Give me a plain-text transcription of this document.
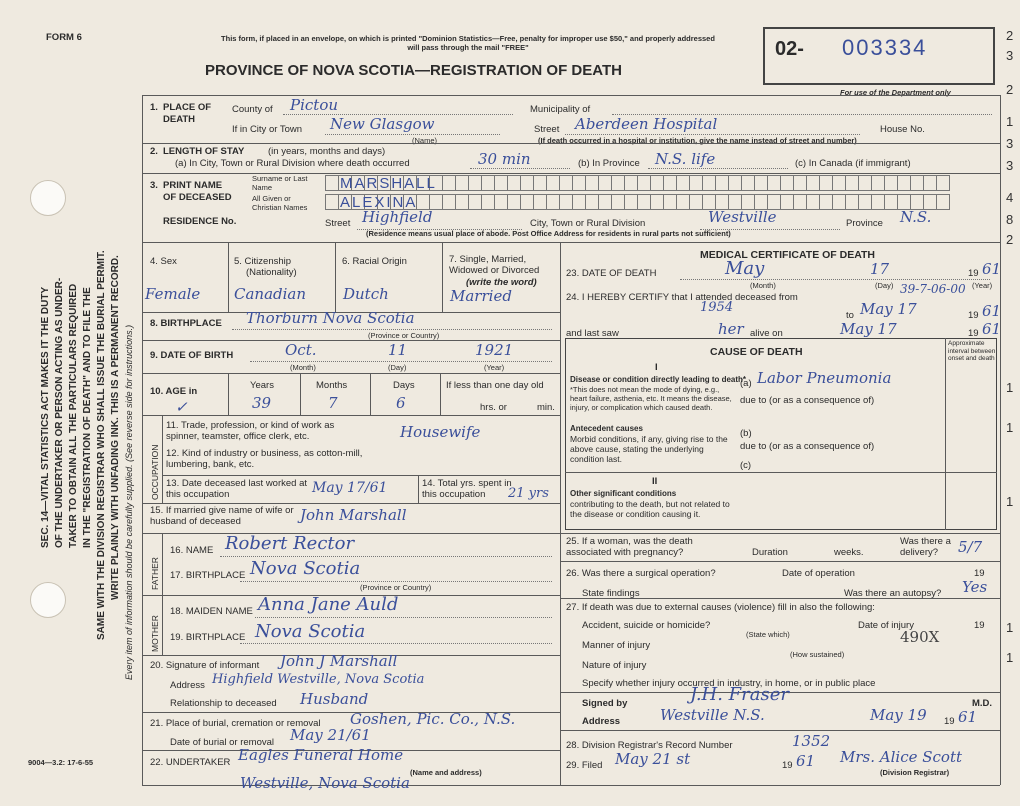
FORM 6	This form, if placed in an envelope, on which is printed "Dominion Statistics—Free, penalty for improper use $50," and properly addressed will pass through the mail "FREE"
PROVINCE OF NOVA SCOTIA—REGISTRATION OF DEATH
02- 003334
For use of the Department only
SEC. 14—VITAL STATISTICS ACT MAKES IT THE DUTY OF THE UNDERTAKER OR PERSON ACTING AS UNDER- TAKER TO OBTAIN ALL THE PARTICULARS REQUIRED IN THE "REGISTRATION OF DEATH" AND TO FILE THE SAME WITH THE DIVISION REGISTRAR WHO SHALL ISSUE THE BURIAL PERMIT. WRITE PLAINLY WITH UNFADING INK. THIS IS A PERMANENT RECORD. Every item of information should be carefully supplied. (See reverse side for instructions.)
1. PLACE OF DEATH
County of Pictou	Municipality of
If in City or Town New Glasgow
(Name)
Street Aberdeen Hospital	House No.
(If death occurred in a hospital or institution, give the name instead of street and number)
2. LENGTH OF STAY (in years, months and days)
(a) In City, Town or Rural Division where death occurred	30 min	(b) In Province N.S. life	(c) In Canada (if immigrant)
3. PRINT NAME
OF DECEASED
Surname or Last Name	MARSHALL
All Given or Christian Names	ALEXINA
RESIDENCE No.	Street Highfield	City, Town or Rural Division	Westville	Province N.S.
(Residence means usual place of abode. Post Office Address for residents in rural parts not sufficient)
4. Sex
Female
5. Citizenship
(Nationality)
Canadian
6. Racial Origin
Dutch
7. Single, Married, Widowed or Divorced
(write the word)
Married
8. BIRTHPLACE Thorburn Nova Scotia
(Province or Country)
9. DATE OF BIRTH	Oct.	11	1921
(Month)	(Day)	(Year)
10. AGE in
✓
Years
39
Months
7
Days
6
If less than one day old
hrs. or	min.
OCCUPATION
11. Trade, profession, or kind of work as spinner, teamster, office clerk, etc.	Housewife
12. Kind of industry or business, as cotton-mill, lumbering, bank, etc.
13. Date deceased last worked at this occupation	May 17/61	14. Total yrs. spent in this occupation	21 yrs
15. If married give name of wife or husband of deceased	John Marshall
FATHER
16. NAME Robert Rector
17. BIRTHPLACE Nova Scotia
(Province or Country)
MOTHER
18. MAIDEN NAME Anna Jane Auld
19. BIRTHPLACE Nova Scotia
20. Signature of informant John J Marshall
Address Highfield Westville, Nova Scotia
Relationship to deceased Husband
21. Place of burial, cremation or removal Goshen, Pic. Co., N.S.
Date of burial or removal May 21/61
22. UNDERTAKER Eagles Funeral Home
(Name and address)
Westville, Nova Scotia
MEDICAL CERTIFICATE OF DEATH
23. DATE OF DEATH	May	17	19 61
(Month)	(Day)	(Year)
24. I HEREBY CERTIFY that I attended deceased from
39-7-06-00
1954
to May 17	19 61
and last saw	her alive on	May 17	19 61
CAUSE OF DEATH
Approximate interval between onset and death
I
Disease or condition directly leading to death*
*This does not mean the mode of dying, e.g., heart failure, asthenia, etc. It means the disease, injury, or complication which caused death.
(a) Labor Pneumonia
due to (or as a consequence of)
Antecedent causes
Morbid conditions, if any, giving rise to the above cause, stating the underlying condition last.
(b)
due to (or as a consequence of)
(c)
II
Other significant conditions
contributing to the death, but not related to the disease or condition causing it.
25. If a woman, was the death associated with pregnancy?	Duration	weeks.
Was there a delivery?	5/7
26. Was there a surgical operation?	Date of operation	19
State findings	Was there an autopsy? Yes
27. If death was due to external causes (violence) fill in also the following:
Accident, suicide or homicide?
(State which)
Date of injury	19
Manner of injury	490X
(How sustained)
Nature of injury
Specify whether injury occurred in industry, in home, or in public place
Signed by	J.H. Fraser	M.D.
Address	Westville N.S.	May 19 19 61
28. Division Registrar's Record Number	1352
29. Filed May 21 st	19 61 Mrs. Alice Scott
(Division Registrar)
9004—3.2: 17-6-55
2
3
2
1
3
3
4
8
2
1
1
1
1
1
